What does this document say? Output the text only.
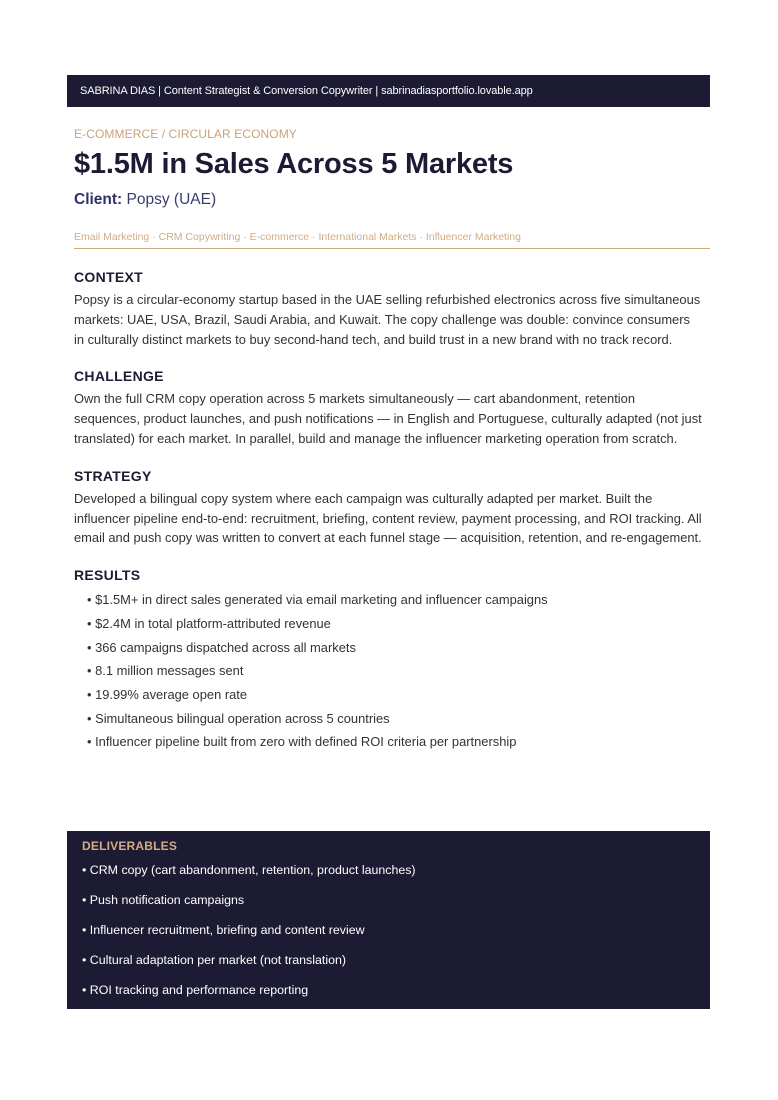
SABRINA DIAS | Content Strategist & Conversion Copywriter | sabrinadiasportfolio.lovable.app
E-COMMERCE / CIRCULAR ECONOMY
$1.5M in Sales Across 5 Markets
Client: Popsy (UAE)
Email Marketing · CRM Copywriting · E-commerce · International Markets · Influencer Marketing
CONTEXT
Popsy is a circular-economy startup based in the UAE selling refurbished electronics across five simultaneous markets: UAE, USA, Brazil, Saudi Arabia, and Kuwait. The copy challenge was double: convince consumers in culturally distinct markets to buy second-hand tech, and build trust in a new brand with no track record.
CHALLENGE
Own the full CRM copy operation across 5 markets simultaneously — cart abandonment, retention sequences, product launches, and push notifications — in English and Portuguese, culturally adapted (not just translated) for each market. In parallel, build and manage the influencer marketing operation from scratch.
STRATEGY
Developed a bilingual copy system where each campaign was culturally adapted per market. Built the influencer pipeline end-to-end: recruitment, briefing, content review, payment processing, and ROI tracking. All email and push copy was written to convert at each funnel stage — acquisition, retention, and re-engagement.
RESULTS
• $1.5M+ in direct sales generated via email marketing and influencer campaigns
• $2.4M in total platform-attributed revenue
• 366 campaigns dispatched across all markets
• 8.1 million messages sent
• 19.99% average open rate
• Simultaneous bilingual operation across 5 countries
• Influencer pipeline built from zero with defined ROI criteria per partnership
DELIVERABLES
• CRM copy (cart abandonment, retention, product launches)
• Push notification campaigns
• Influencer recruitment, briefing and content review
• Cultural adaptation per market (not translation)
• ROI tracking and performance reporting
